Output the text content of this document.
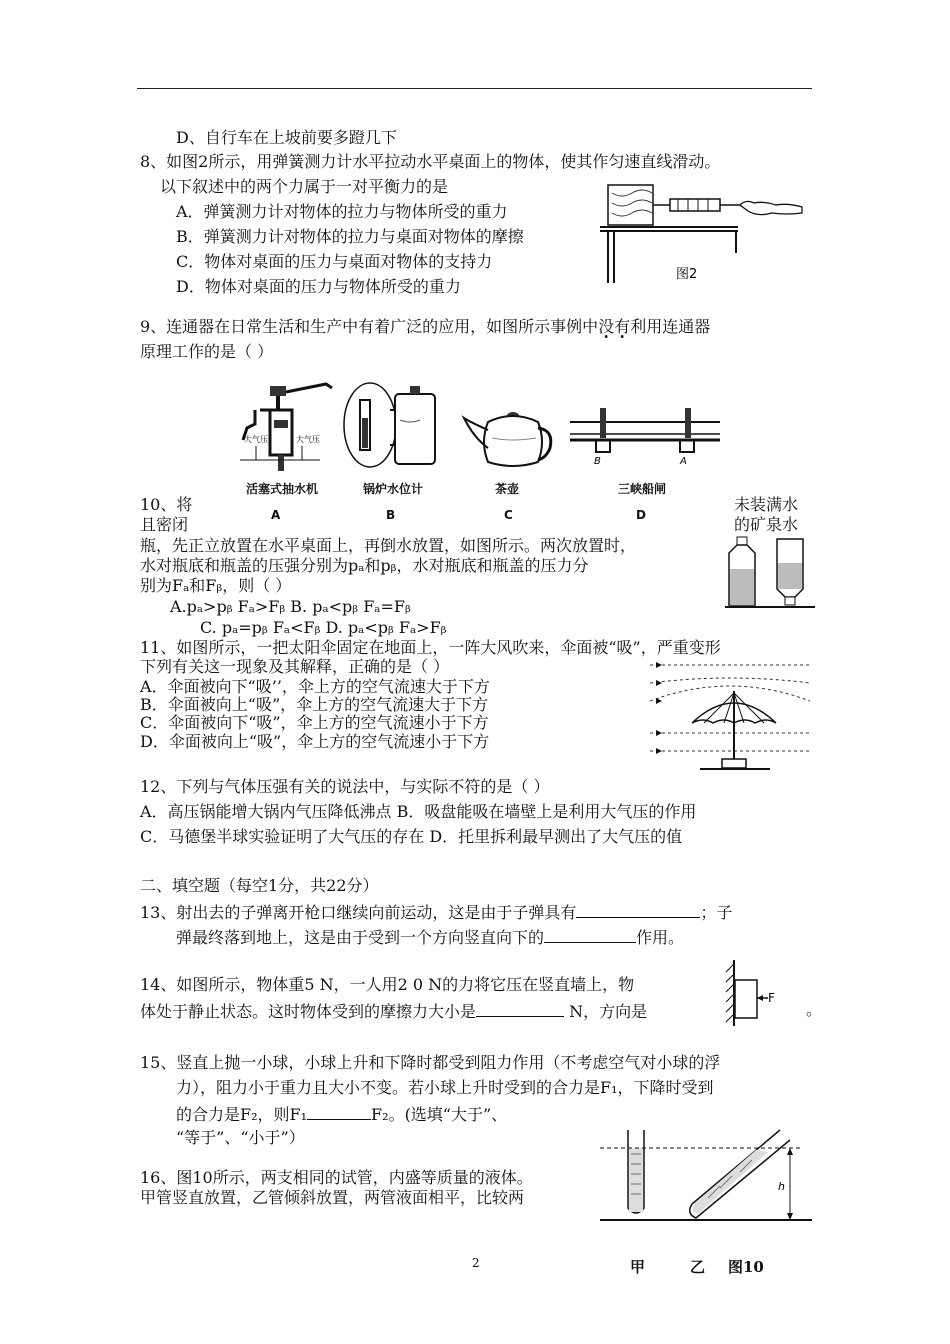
D、自行车在上坡前要多蹬几下
8、如图2所示，用弹簧测力计水平拉动水平桌面上的物体，使其作匀速直线滑动。
以下叙述中的两个力属于一对平衡力的是
A．弹簧测力计对物体的拉力与物体所受的重力
B．弹簧测力计对物体的拉力与桌面对物体的摩擦
C．物体对桌面的压力与桌面对物体的支持力
D．物体对桌面的压力与物体所受的重力
图2
9、连通器在日常生活和生产中有着广泛的应用，如图所示事例中没有利用连通器
原理工作的是（ ）
大气压	大气压
B	A
活塞式抽水机	锅炉水位计	茶壶	三峡船闸
A	B	C	D
10、将
且密闭
瓶，先正立放置在水平桌面上，再倒水放置，如图所示。两次放置时，
水对瓶底和瓶盖的压强分别为pₐ和pᵦ，水对瓶底和瓶盖的压力分
别为Fₐ和Fᵦ，则（ ）
A.pₐ>pᵦ Fₐ>Fᵦ B. pₐ<pᵦ Fₐ=Fᵦ
C. pₐ=pᵦ Fₐ<Fᵦ D. pₐ<pᵦ Fₐ>Fᵦ
未装满水
的矿泉水
11、如图所示，一把太阳伞固定在地面上，一阵大风吹来，伞面被“吸”，严重变形
下列有关这一现象及其解释，正确的是（ ）
A．伞面被向下“吸’’，伞上方的空气流速大于下方
B．伞面被向上“吸”，伞上方的空气流速大于下方
C．伞面被向下“吸”，伞上方的空气流速小于下方
D．伞面被向上“吸”，伞上方的空气流速小于下方
12、下列与气体压强有关的说法中，与实际不符的是（ ）
A．高压锅能增大锅内气压降低沸点 B．吸盘能吸在墙壁上是利用大气压的作用
C．马德堡半球实验证明了大气压的存在 D．托里拆利最早测出了大气压的值
二、填空题（每空1分，共22分）
13、射出去的子弹离开枪口继续向前运动，这是由于子弹具有	；子
弹最终落到地上，这是由于受到一个方向竖直向下的	作用。
14、如图所示，物体重5 N，一人用2 0 N的力将它压在竖直墙上，物
体处于静止状态。这时物体受到的摩擦力大小是	N，方向是	。
F
15、竖直上抛一小球，小球上升和下降时都受到阻力作用（不考虑空气对小球的浮
力），阻力小于重力且大小不变。若小球上升时受到的合力是F₁，下降时受到
的合力是F₂，则F₁	F₂。(选填“大于”、
“等于”、“小于”）
16、图10所示，两支相同的试管，内盛等质量的液体。
甲管竖直放置，乙管倾斜放置，两管液面相平，比较两
h
甲	乙 图10
2
